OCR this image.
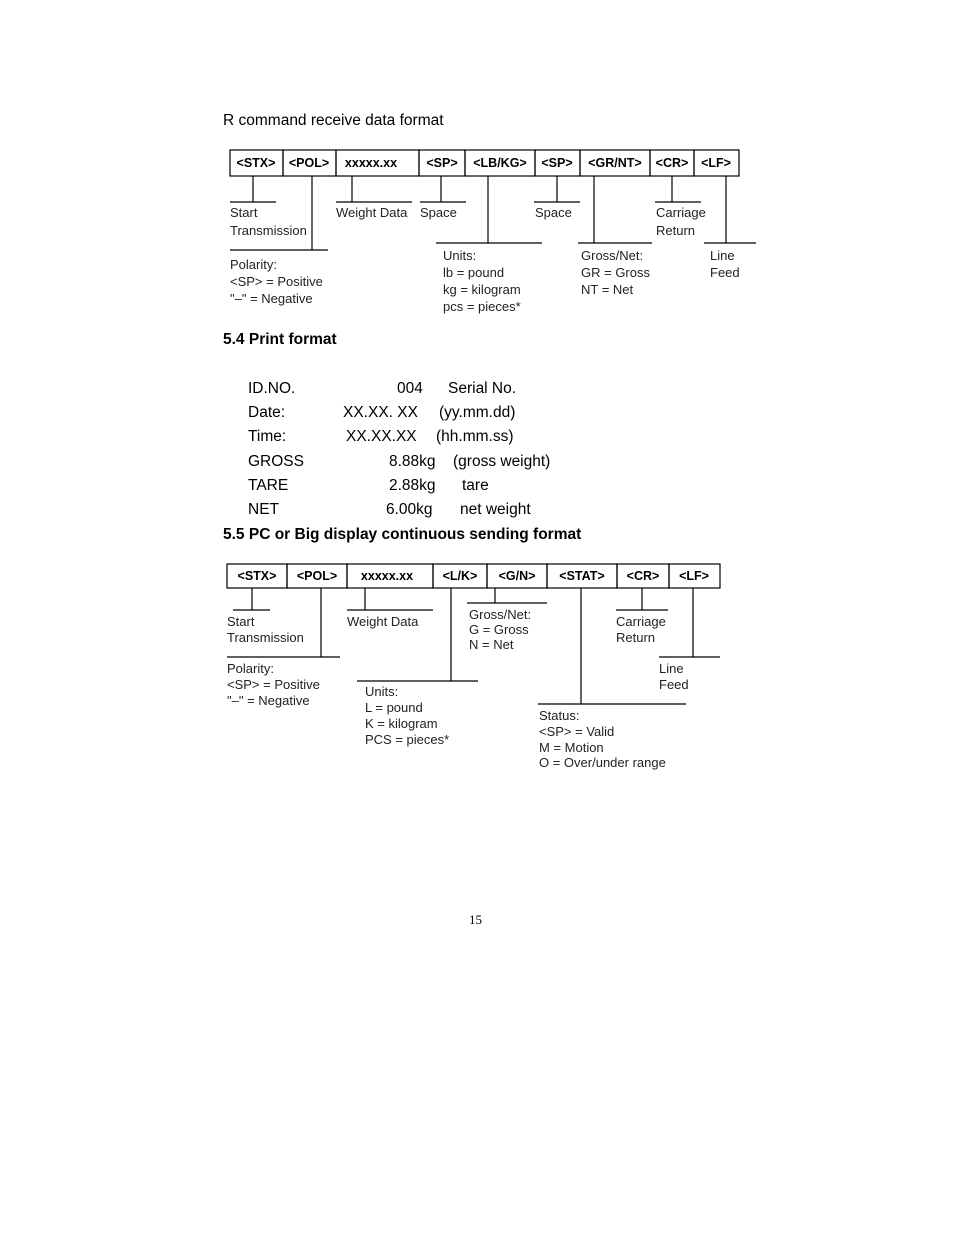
R command receive data format
<STX> <POL> xxxxx.xx <SP> <LB/KG> <SP> <GR/NT> <CR> <LF>
Start
Transmission
Weight Data Space	Space	Carriage
Return
Polarity:
<SP> = Positive
"–" = Negative
Units:
lb = pound
kg = kilogram
pcs = pieces*
Gross/Net:
GR = Gross
NT = Net
Line
Feed
5.4 Print format
ID.NO.	004 Serial No.
Date:	XX.XX. XX (yy.mm.dd)
Time:	XX.XX.XX (hh.mm.ss)
GROSS	8.88kg (gross weight)
TARE	2.88kg tare
NET	6.00kg net weight
5.5 PC or Big display continuous sending format
<STX> <POL> xxxxx.xx <L/K> <G/N> <STAT> <CR> <LF>
Start
Transmission
Weight Data	Gross/Net:
G = Gross
N = Net
Carriage
Return
Polarity:
<SP> = Positive
"–" = Negative
Line
Feed
Units:
L = pound
K = kilogram
PCS = pieces*
Status:
<SP> = Valid
M = Motion
O = Over/under range
15
